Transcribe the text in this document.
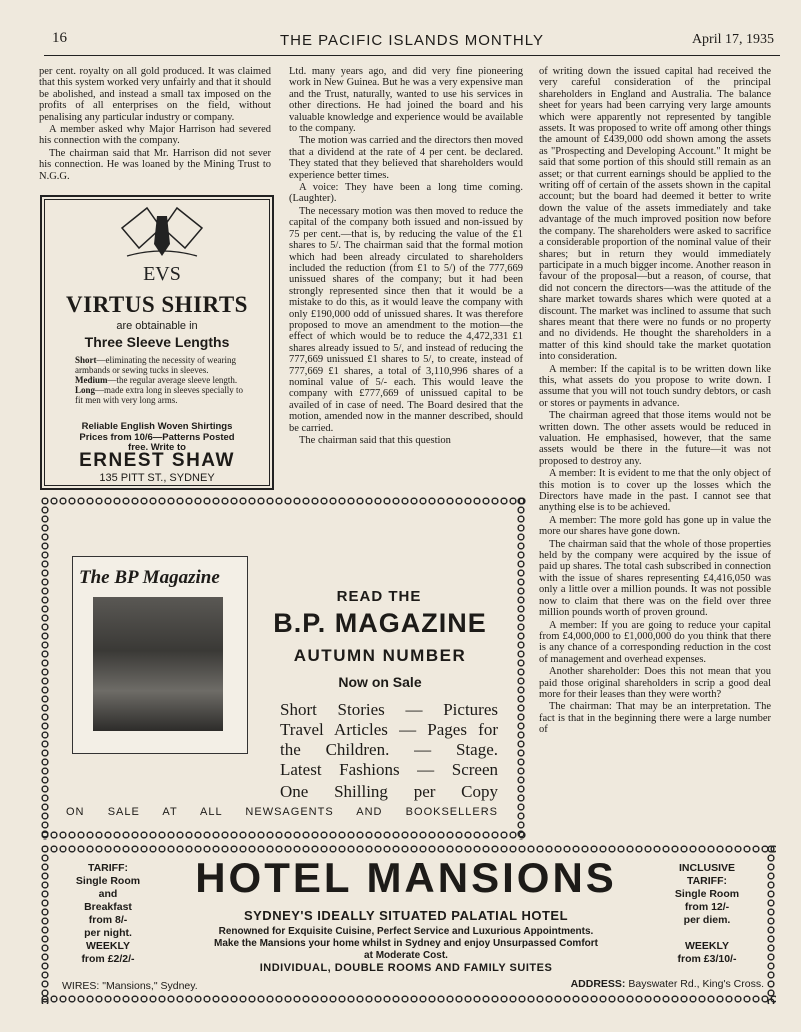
16	THE PACIFIC ISLANDS MONTHLY	April 17, 1935

per cent. royalty on all gold produced. It was claimed that this system worked very unfairly and that it should be abolished, and instead a small tax imposed on the profits of all enterprises on the field, without penalising any particular industry or company.

A member asked why Major Harrison had severed his connection with the company.

The chairman said that Mr. Harrison did not sever his connection. He was loaned by the Mining Trust to N.G.G.

Ltd. many years ago, and did very fine pioneering work in New Guinea. But he was a very expensive man and the Trust, naturally, wanted to use his services in other directions. He had joined the board and his valuable knowledge and experience would be available to the company.

The motion was carried and the directors then moved that a dividend at the rate of 4 per cent. be declared. They stated that they believed that shareholders would experience better times.

A voice: They have been a long time coming. (Laughter).

The necessary motion was then moved to reduce the capital of the company both issued and non-issued by 75 per cent.—that is, by reducing the value of the £1 shares to 5/. The chairman said that the formal motion which had been already circulated to shareholders included the reduction (from £1 to 5/) of the 777,669 unissued shares of the company; but it had been strongly represented since then that it would be a mistake to do this, as it would leave the company with only £190,000 odd of unissued shares. It was therefore proposed to move an amendment to the motion—the effect of which would be to reduce the 4,472,331 £1 shares already issued to 5/, and instead of reducing the 777,669 unissued £1 shares to 5/, to create, instead of 777,669 £1 shares, a total of 3,110,996 shares of a nominal value of 5/- each. This would leave the company with £777,669 of unissued capital to be availed of in case of need. The Board desired that the motion, amended now in the manner described, should be carried.

The chairman said that this question

of writing down the issued capital had received the very careful consideration of the principal shareholders in England and Australia. The balance sheet for years had been carrying very large amounts which were apparently not represented by tangible assets. It was proposed to write off among other things the amount of £439,000 odd shown among the assets as "Prospecting and Developing Account." It might be said that some portion of this should still remain as an asset; or that current earnings should be applied to the writing off of certain of the assets shown in the capital account; but the board had deemed it better to write down the value of the assets immediately and take advantage of the much improved position now before the company. The shareholders were asked to sacrifice a considerable proportion of the nominal value of their shares; but in return they would immediately participate in a much bigger income. Another reason in favour of the proposal—but a reason, of course, that did not concern the directors—was the attitude of the share market towards shares which were quoted at a discount. The market was inclined to assume that such shares meant that there were no funds or no property and no dividends. He thought the shareholders in a matter of this kind should take the market quotation into consideration.

A member: If the capital is to be written down like this, what assets do you propose to write down. I assume that you will not touch sundry debtors, or cash or stores or payments in advance.

The chairman agreed that those items would not be written down. The other assets would be reduced in valuation. He emphasised, however, that the same assets would be there in the future—it was not proposed to destroy any.

A member: It is evident to me that the only object of this motion is to cover up the losses which the Directors have made in the past. I cannot see that anything else is to be achieved.

A member: The more gold has gone up in value the more our shares have gone down.

The chairman said that the whole of those properties held by the company were acquired by the issue of paid up shares. The total cash subscribed in connection with the issue of shares representing £4,416,050 was only a little over a million pounds. It was not possible now to claim that there was on the field over three million pounds worth of proven ground.

A member: If you are going to reduce your capital from £4,000,000 to £1,000,000 do you think that there is any chance of a corresponding reduction in the cost of management and overhead expenses.

Another shareholder: Does this not mean that you paid those original shareholders in scrip a good deal more for their leases than they were worth?

The chairman: That may be an interpretation. The fact is that in the beginning there were a large number of

EVS
VIRTUS SHIRTS
are obtainable in
Three Sleeve Lengths
Short—eliminating the necessity of wearing armbands or sewing tucks in sleeves.
Medium—the regular average sleeve length.
Long—made extra long in sleeves specially to fit men with very long arms.
Reliable English Woven Shirtings
Prices from 10/6—Patterns Posted
free. Write to
ERNEST SHAW
135 PITT ST., SYDNEY
The BP Magazine
READ THE
B.P. MAGAZINE
AUTUMN NUMBER
Now on Sale
Short Stories — Pictures
Travel Articles — Pages for
the Children. — Stage.
Latest Fashions — Screen
One Shilling per Copy
ON SALE AT ALL NEWSAGENTS AND BOOKSELLERS
TARIFF:
Single Room
and
Breakfast
from 8/-
per night.
WEEKLY
from £2/2/-
HOTEL MANSIONS
SYDNEY'S IDEALLY SITUATED PALATIAL HOTEL
Renowned for Exquisite Cuisine, Perfect Service and Luxurious Appointments.
Make the Mansions your home whilst in Sydney and enjoy Unsurpassed Comfort
at Moderate Cost.
INDIVIDUAL, DOUBLE ROOMS AND FAMILY SUITES
INCLUSIVE
TARIFF:
Single Room
from 12/-
per diem.

WEEKLY
from £3/10/-
WIRES: "Mansions," Sydney.	ADDRESS: Bayswater Rd., King's Cross.
